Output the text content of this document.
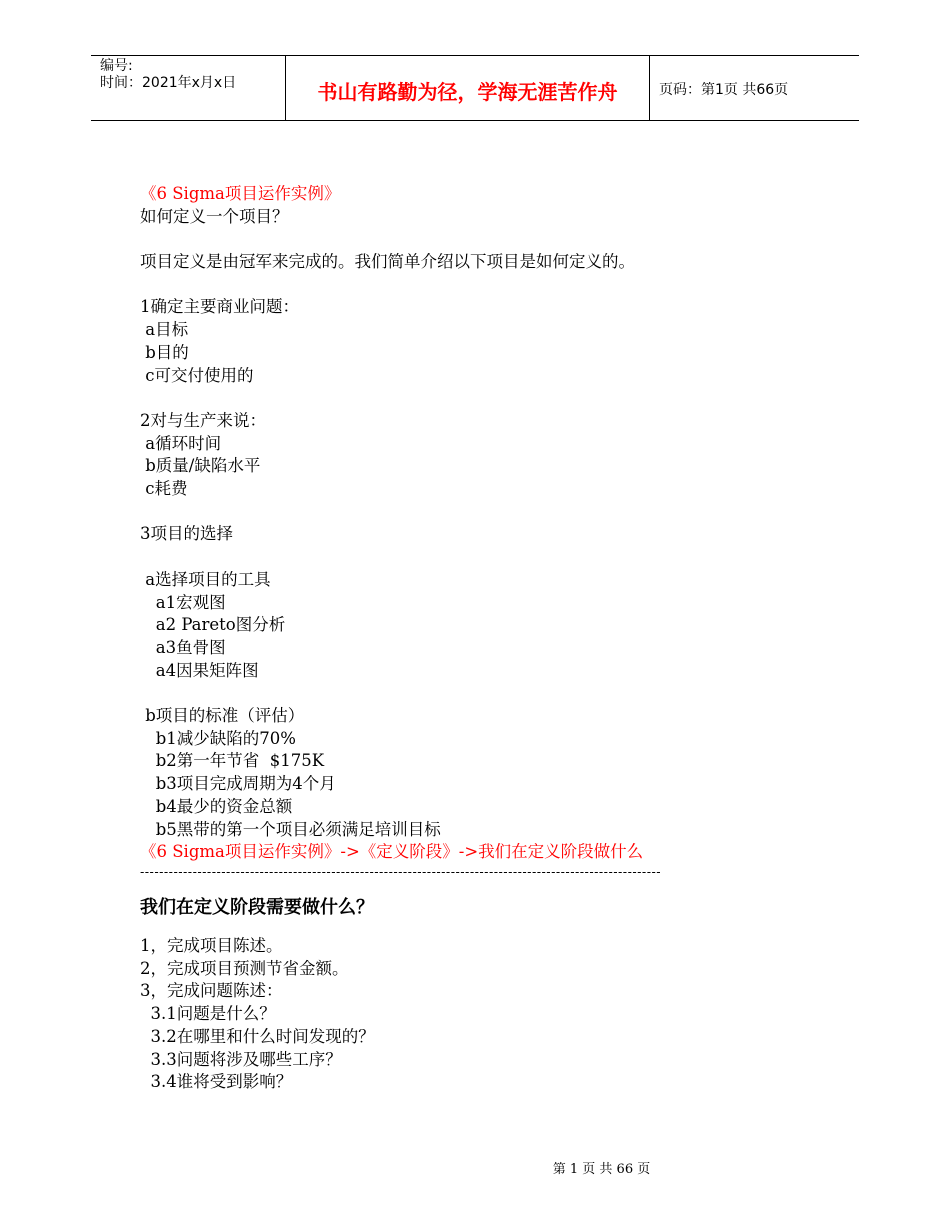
编号:
时间：2021年x月x日	书山有路勤为径，学海无涯苦作舟	页码：第1页 共66页
《6 Sigma项目运作实例》
如何定义一个项目？
项目定义是由冠军来完成的。我们简单介绍以下项目是如何定义的。
1确定主要商业问题：
a目标
b目的
c可交付使用的
2对与生产来说：
a循环时间
b质量/缺陷水平
c耗费
3项目的选择
a选择项目的工具
a1宏观图
a2 Pareto图分析
a3鱼骨图
a4因果矩阵图
b项目的标准（评估）
b1减少缺陷的70%
b2第一年节省  $175K
b3项目完成周期为4个月
b4最少的资金总额
b5黑带的第一个项目必须满足培训目标
《6 Sigma项目运作实例》->《定义阶段》->我们在定义阶段做什么
-------------------------------------------------------------------------------------------------------------
我们在定义阶段需要做什么？
1，完成项目陈述。
2，完成项目预测节省金额。
3，完成问题陈述：
3.1问题是什么？
3.2在哪里和什么时间发现的？
3.3问题将涉及哪些工序？
3.4谁将受到影响？
第 1 页 共 66 页
